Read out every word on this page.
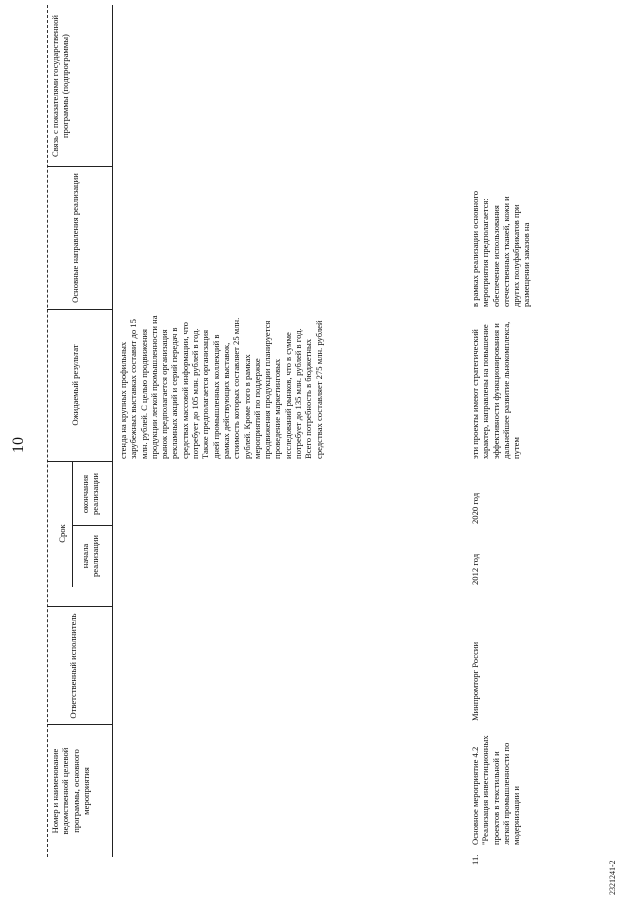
10
Номер и наименование ведомственной целевой программы, основного мероприятия
Ответственный исполнитель
Срок
начала реализации
окончания реализации
Ожидаемый результат
Основные направления реализации
Связь с показателями государственной программы (подпрограммы)
стенда на крупных профильных зарубежных выставках составит до 15 млн. рублей. С целью продвижения продукции легкой промышленности на рынок предполагается организация рекламных акций и серий передач в средствах массовой информации, что потребует до 105 млн. рублей в год. Также предполагается организация дней промышленных коллекций в рамках действующих выставок, стоимость которых составляет 25 млн. рублей. Кроме того в рамках мероприятий по поддержке продвижения продукции планируется проведение маркетинговых исследований рынков, что в сумме потребует до 135 млн. рублей в год. Всего потребность в бюджетных средствах составляет 275 млн. рублей
11.
Основное мероприятие 4.2 "Реализация инвестиционных проектов в текстильной и легкой промышленности по модернизации и
Минпромторг России
2012 год
2020 год
эти проекты имеют стратегический характер, направлены на повышение эффективности функционирования и дальнейшее развитие льнокомплекса, путем
в рамках реализации основного мероприятия предполагается: обеспечение использования отечественных тканей, кожи и других полуфабрикатов при размещении заказов на
2321241-2
